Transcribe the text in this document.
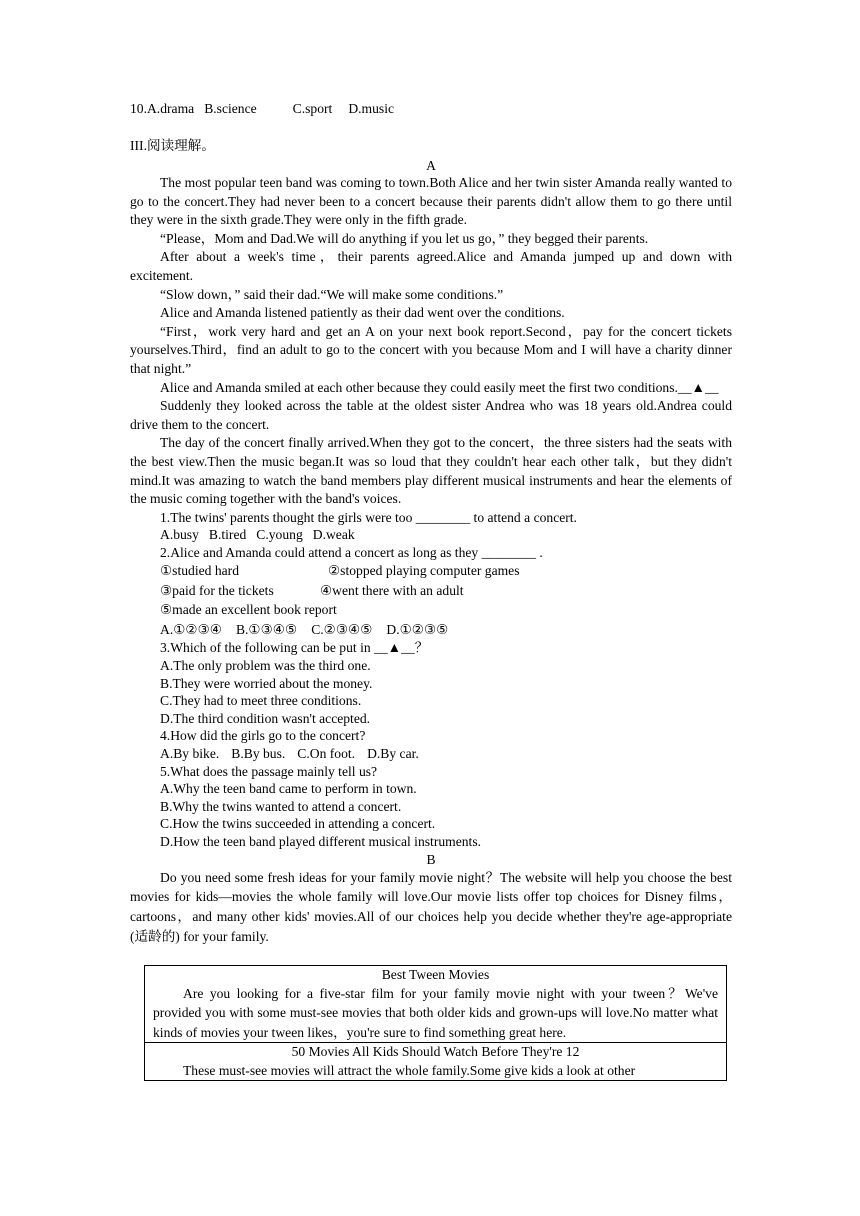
10.A.drama B.science	C.sport D.music
III.阅读理解。
A
The most popular teen band was coming to town.Both Alice and her twin sister Amanda really wanted to go to the concert.They had never been to a concert because their parents didn't allow them to go there until they were in the sixth grade.They were only in the fifth grade.
“Please，Mom and Dad.We will do anything if you let us go，” they begged their parents.
After about a week's time，their parents agreed.Alice and Amanda jumped up and down with excitement.
“Slow down，” said their dad.“We will make some conditions.”
Alice and Amanda listened patiently as their dad went over the conditions.
“First，work very hard and get an A on your next book report.Second，pay for the concert tickets yourselves.Third，find an adult to go to the concert with you because Mom and I will have a charity dinner that night.”
Alice and Amanda smiled at each other because they could easily meet the first two conditions.__▲__
Suddenly they looked across the table at the oldest sister Andrea who was 18 years old.Andrea could drive them to the concert.
The day of the concert finally arrived.When they got to the concert，the three sisters had the seats with the best view.Then the music began.It was so loud that they couldn't hear each other talk，but they didn't mind.It was amazing to watch the band members play different musical instruments and hear the elements of the music coming together with the band's voices.
1.The twins' parents thought the girls were too ________ to attend a concert.
A.busy B.tired C.young D.weak
2.Alice and Amanda could attend a concert as long as they ________ .
①studied hard	②stopped playing computer games
③paid for the tickets	④went there with an adult
⑤made an excellent book report
A.①②③④ B.①③④⑤ C.②③④⑤ D.①②③⑤
3.Which of the following can be put in __▲__？
A.The only problem was the third one.
B.They were worried about the money.
C.They had to meet three conditions.
D.The third condition wasn't accepted.
4.How did the girls go to the concert?
A.By bike. B.By bus. C.On foot. D.By car.
5.What does the passage mainly tell us?
A.Why the teen band came to perform in town.
B.Why the twins wanted to attend a concert.
C.How the twins succeeded in attending a concert.
D.How the teen band played different musical instruments.
B
Do you need some fresh ideas for your family movie night？The website will help you choose the best movies for kids—movies the whole family will love.Our movie lists offer top choices for Disney films，cartoons，and many other kids' movies.All of our choices help you decide whether they're age-appropriate (适龄的) for your family.
Best Tween Movies
Are you looking for a five-star film for your family movie night with your tween？We've provided you with some must-see movies that both older kids and grown-ups will love.No matter what kinds of movies your tween likes，you're sure to find something great here.

50 Movies All Kids Should Watch Before They're 12
These must-see movies will attract the whole family.Some give kids a look at other
